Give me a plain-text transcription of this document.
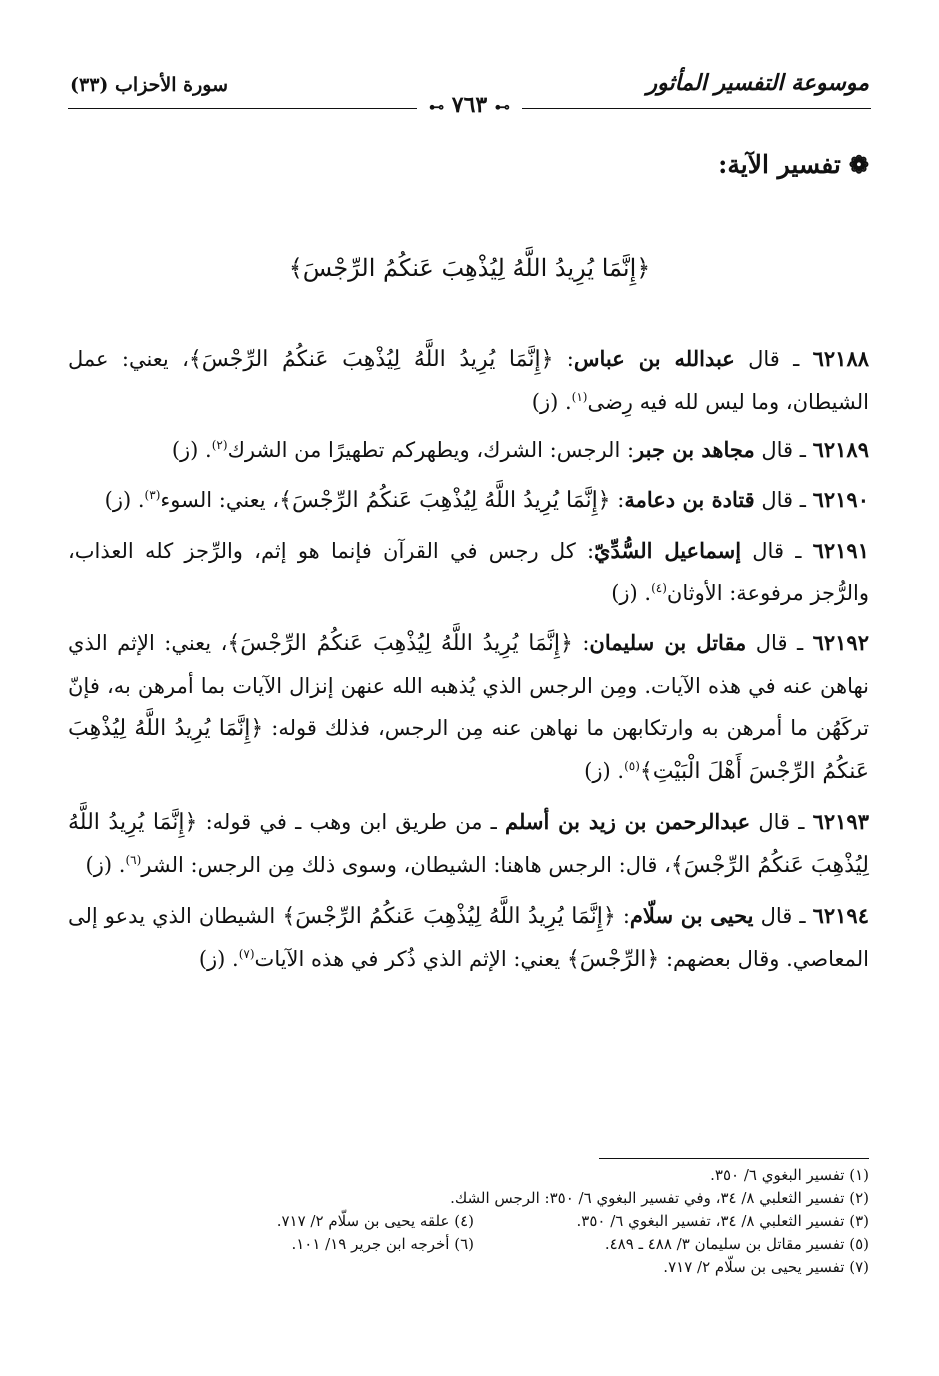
موسوعة التفسير المأثور
سورة الأحزاب (٣٣)
⊷ ٧٦٣ ⊷
❁تفسير الآية:
﴿إِنَّمَا يُرِيدُ اللَّهُ لِيُذْهِبَ عَنكُمُ الرِّجْسَ﴾

٦٢١٨٨ ـ قال عبدالله بن عباس: ﴿إِنَّمَا يُرِيدُ اللَّهُ لِيُذْهِبَ عَنكُمُ الرِّجْسَ﴾، يعني: عمل الشيطان، وما ليس لله فيه رِضى$^{(١)}$. (ز)

٦٢١٨٩ ـ قال مجاهد بن جبر: الرجس: الشرك، ويطهركم تطهيرًا من الشرك$^{(٢)}$. (ز)

٦٢١٩٠ ـ قال قتادة بن دعامة: ﴿إِنَّمَا يُرِيدُ اللَّهُ لِيُذْهِبَ عَنكُمُ الرِّجْسَ﴾، يعني: السوء$^{(٣)}$. (ز)

٦٢١٩١ ـ قال إسماعيل السُّدِّيّ: كل رجس في القرآن فإنما هو إثم، والرِّجز كله العذاب، والرُّجز مرفوعة: الأوثان$^{(٤)}$. (ز)

٦٢١٩٢ ـ قال مقاتل بن سليمان: ﴿إِنَّمَا يُرِيدُ اللَّهُ لِيُذْهِبَ عَنكُمُ الرِّجْسَ﴾، يعني: الإثم الذي نهاهن عنه في هذه الآيات. ومِن الرجس الذي يُذهبه الله عنهن إنزال الآيات بما أمرهن به، فإنّ تركَهُن ما أمرهن به وارتكابهن ما نهاهن عنه مِن الرجس، فذلك قوله: ﴿إِنَّمَا يُرِيدُ اللَّهُ لِيُذْهِبَ عَنكُمُ الرِّجْسَ أَهْلَ الْبَيْتِ﴾$^{(٥)}$. (ز)

٦٢١٩٣ ـ قال عبدالرحمن بن زيد بن أسلم ـ من طريق ابن وهب ـ في قوله: ﴿إِنَّمَا يُرِيدُ اللَّهُ لِيُذْهِبَ عَنكُمُ الرِّجْسَ﴾، قال: الرجس هاهنا: الشيطان، وسوى ذلك مِن الرجس: الشر$^{(٦)}$. (ز)

٦٢١٩٤ ـ قال يحيى بن سلّام: ﴿إِنَّمَا يُرِيدُ اللَّهُ لِيُذْهِبَ عَنكُمُ الرِّجْسَ﴾ الشيطان الذي يدعو إلى المعاصي. وقال بعضهم: ﴿الرِّجْسَ﴾ يعني: الإثم الذي ذُكر في هذه الآيات$^{(٧)}$. (ز)

(١) تفسير البغوي ٦/ ٣٥٠.
(٢) تفسير الثعلبي ٨/ ٣٤، وفي تفسير البغوي ٦/ ٣٥٠: الرجس الشك.
(٣) تفسير الثعلبي ٨/ ٣٤، تفسير البغوي ٦/ ٣٥٠.
(٤) علقه يحيى بن سلّام ٢/ ٧١٧.
(٥) تفسير مقاتل بن سليمان ٣/ ٤٨٨ ـ ٤٨٩.
(٦) أخرجه ابن جرير ١٩/ ١٠١.
(٧) تفسير يحيى بن سلّام ٢/ ٧١٧.
